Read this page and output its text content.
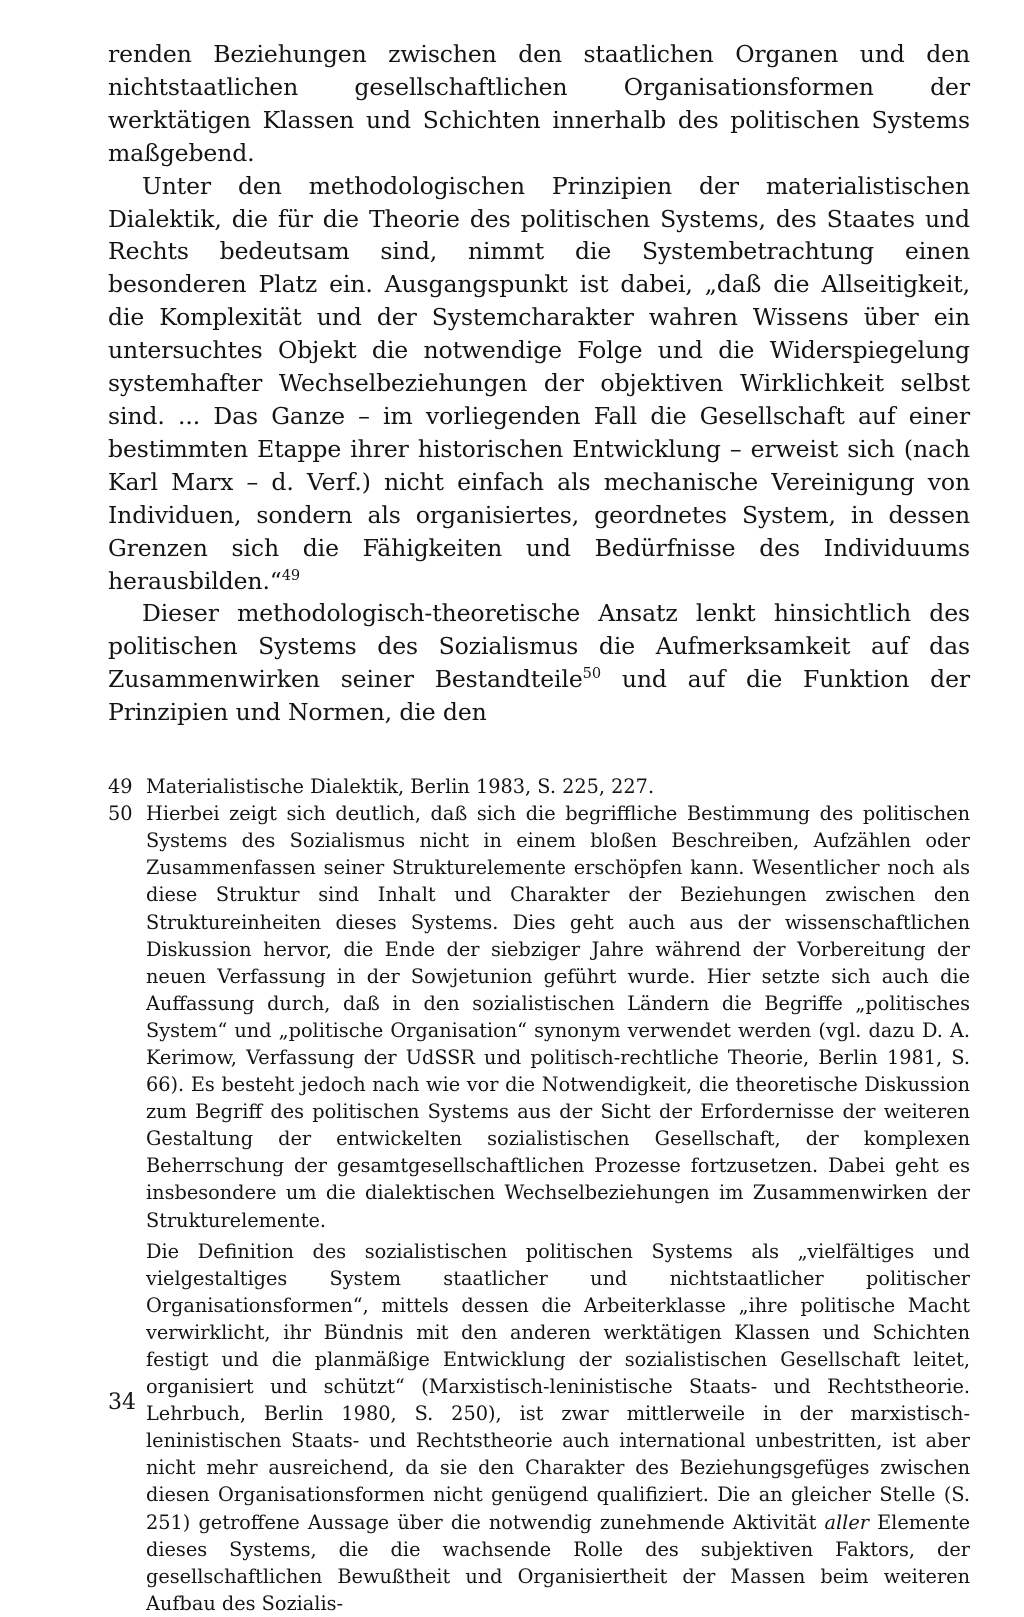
renden Beziehungen zwischen den staatlichen Organen und den nichtstaatlichen gesellschaftlichen Organisationsformen der werktätigen Klassen und Schichten innerhalb des politischen Systems maßgebend.

Unter den methodologischen Prinzipien der materialistischen Dialektik, die für die Theorie des politischen Systems, des Staates und Rechts bedeutsam sind, nimmt die Systembetrachtung einen besonderen Platz ein. Ausgangspunkt ist dabei, „daß die Allseitigkeit, die Komplexität und der Systemcharakter wahren Wissens über ein untersuchtes Objekt die notwendige Folge und die Widerspiegelung systemhafter Wechselbeziehungen der objektiven Wirklichkeit selbst sind. ... Das Ganze – im vorliegenden Fall die Gesellschaft auf einer bestimmten Etappe ihrer historischen Entwicklung – erweist sich (nach Karl Marx – d. Verf.) nicht einfach als mechanische Vereinigung von Individuen, sondern als organisiertes, geordnetes System, in dessen Grenzen sich die Fähigkeiten und Bedürfnisse des Individuums herausbilden.“$^{49}$

Dieser methodologisch-theoretische Ansatz lenkt hinsichtlich des politischen Systems des Sozialismus die Aufmerksamkeit auf das Zusammenwirken seiner Bestandteile$^{50}$ und auf die Funktion der Prinzipien und Normen, die den

49 Materialistische Dialektik, Berlin 1983, S. 225, 227.
50 Hierbei zeigt sich deutlich, daß sich die begriffliche Bestimmung des politischen Systems des Sozialismus nicht in einem bloßen Beschreiben, Aufzählen oder Zusammenfassen seiner Strukturelemente erschöpfen kann. Wesentlicher noch als diese Struktur sind Inhalt und Charakter der Beziehungen zwischen den Struktureinheiten dieses Systems. Dies geht auch aus der wissenschaftlichen Diskussion hervor, die Ende der siebziger Jahre während der Vorbereitung der neuen Verfassung in der Sowjetunion geführt wurde. Hier setzte sich auch die Auffassung durch, daß in den sozialistischen Ländern die Begriffe „politisches System“ und „politische Organisation“ synonym verwendet werden (vgl. dazu D. A. Kerimow, Verfassung der UdSSR und politisch-rechtliche Theorie, Berlin 1981, S. 66). Es besteht jedoch nach wie vor die Notwendigkeit, die theoretische Diskussion zum Begriff des politischen Systems aus der Sicht der Erfordernisse der weiteren Gestaltung der entwickelten sozialistischen Gesellschaft, der komplexen Beherrschung der gesamtgesellschaftlichen Prozesse fortzusetzen. Dabei geht es insbesondere um die dialektischen Wechselbeziehungen im Zusammenwirken der Strukturelemente.
Die Definition des sozialistischen politischen Systems als „vielfältiges und vielgestaltiges System staatlicher und nichtstaatlicher politischer Organisationsformen“, mittels dessen die Arbeiterklasse „ihre politische Macht verwirklicht, ihr Bündnis mit den anderen werktätigen Klassen und Schichten festigt und die planmäßige Entwicklung der sozialistischen Gesellschaft leitet, organisiert und schützt“ (Marxistisch-leninistische Staats- und Rechtstheorie. Lehrbuch, Berlin 1980, S. 250), ist zwar mittlerweile in der marxistisch-leninistischen Staats- und Rechtstheorie auch international unbestritten, ist aber nicht mehr ausreichend, da sie den Charakter des Beziehungsgefüges zwischen diesen Organisationsformen nicht genügend qualifiziert. Die an gleicher Stelle (S. 251) getroffene Aussage über die notwendig zunehmende Aktivität aller Elemente dieses Systems, die die wachsende Rolle des subjektiven Faktors, der gesellschaftlichen Bewußtheit und Organisiertheit der Massen beim weiteren Aufbau des Sozialis-
34
